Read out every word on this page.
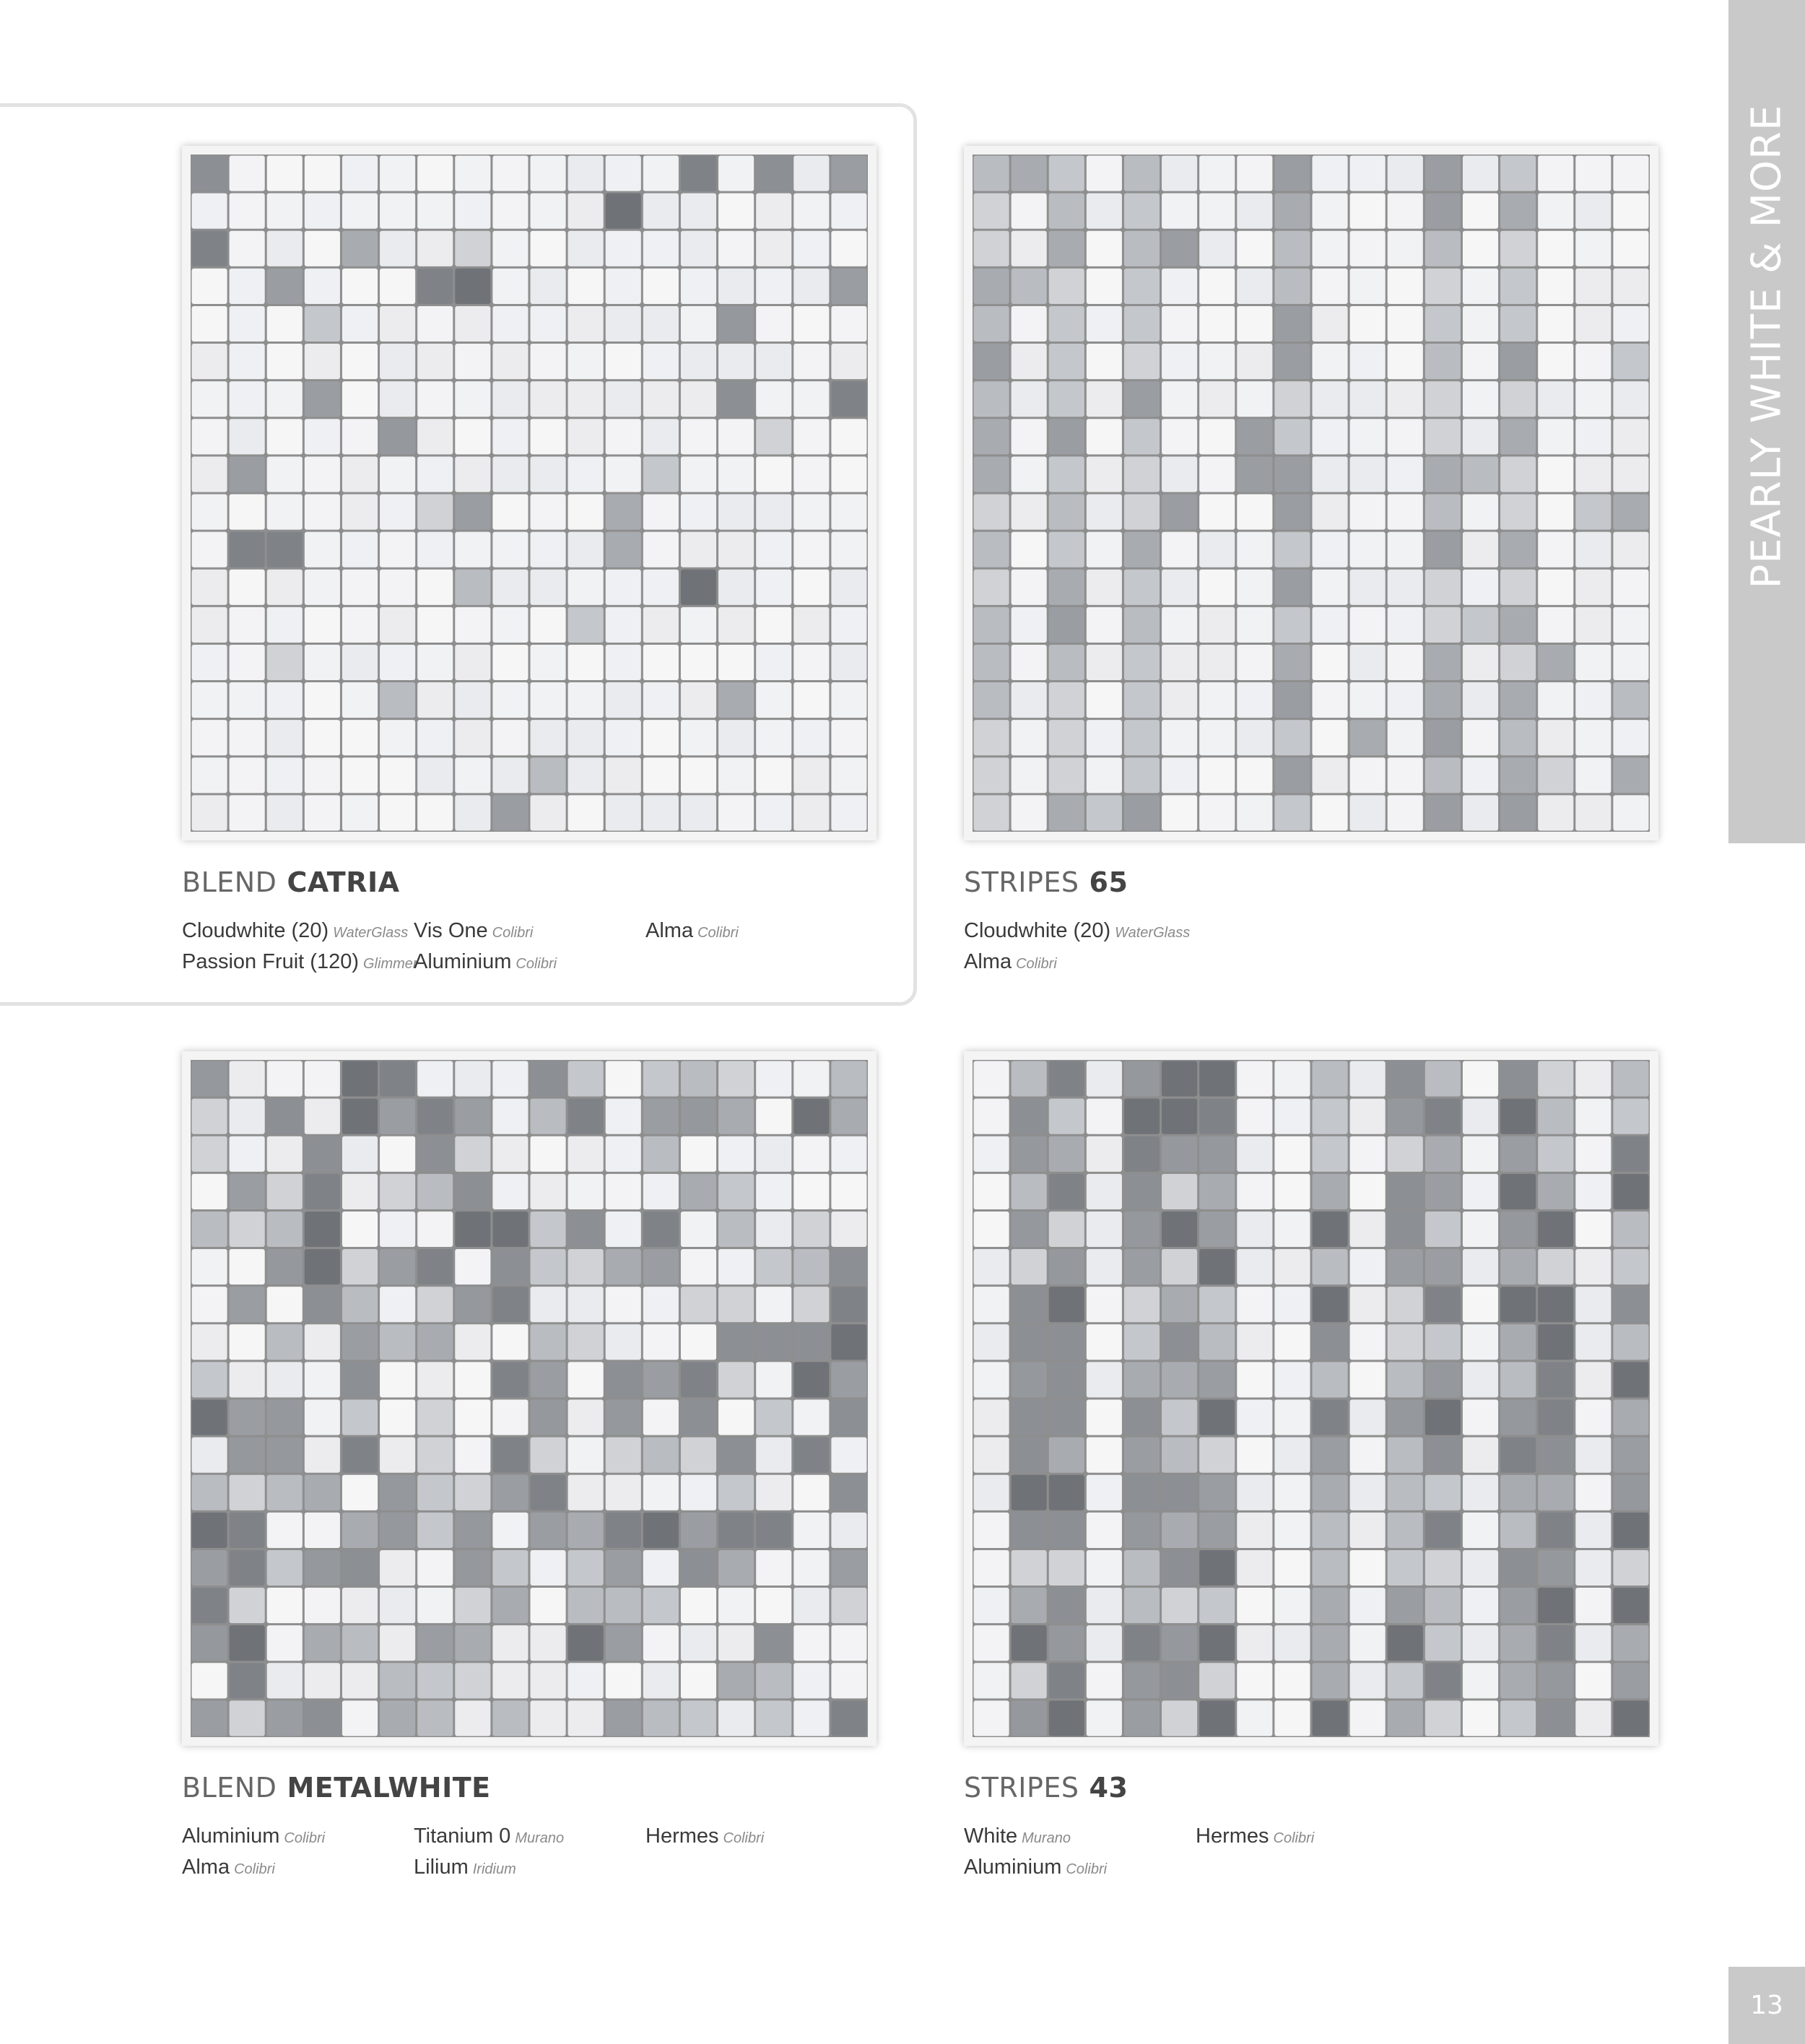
PEARLY WHITE & MORE
BLEND CATRIA
Cloudwhite (20) WaterGlass
Passion Fruit (120) Glimmer
Vis One Colibri
Aluminium Colibri
Alma Colibri
STRIPES 65
Cloudwhite (20) WaterGlass
Alma Colibri
BLEND METALWHITE
Aluminium Colibri
Alma Colibri
Titanium 0 Murano
Lilium Iridium
Hermes Colibri
STRIPES 43
White Murano
Aluminium Colibri
Hermes Colibri
13
